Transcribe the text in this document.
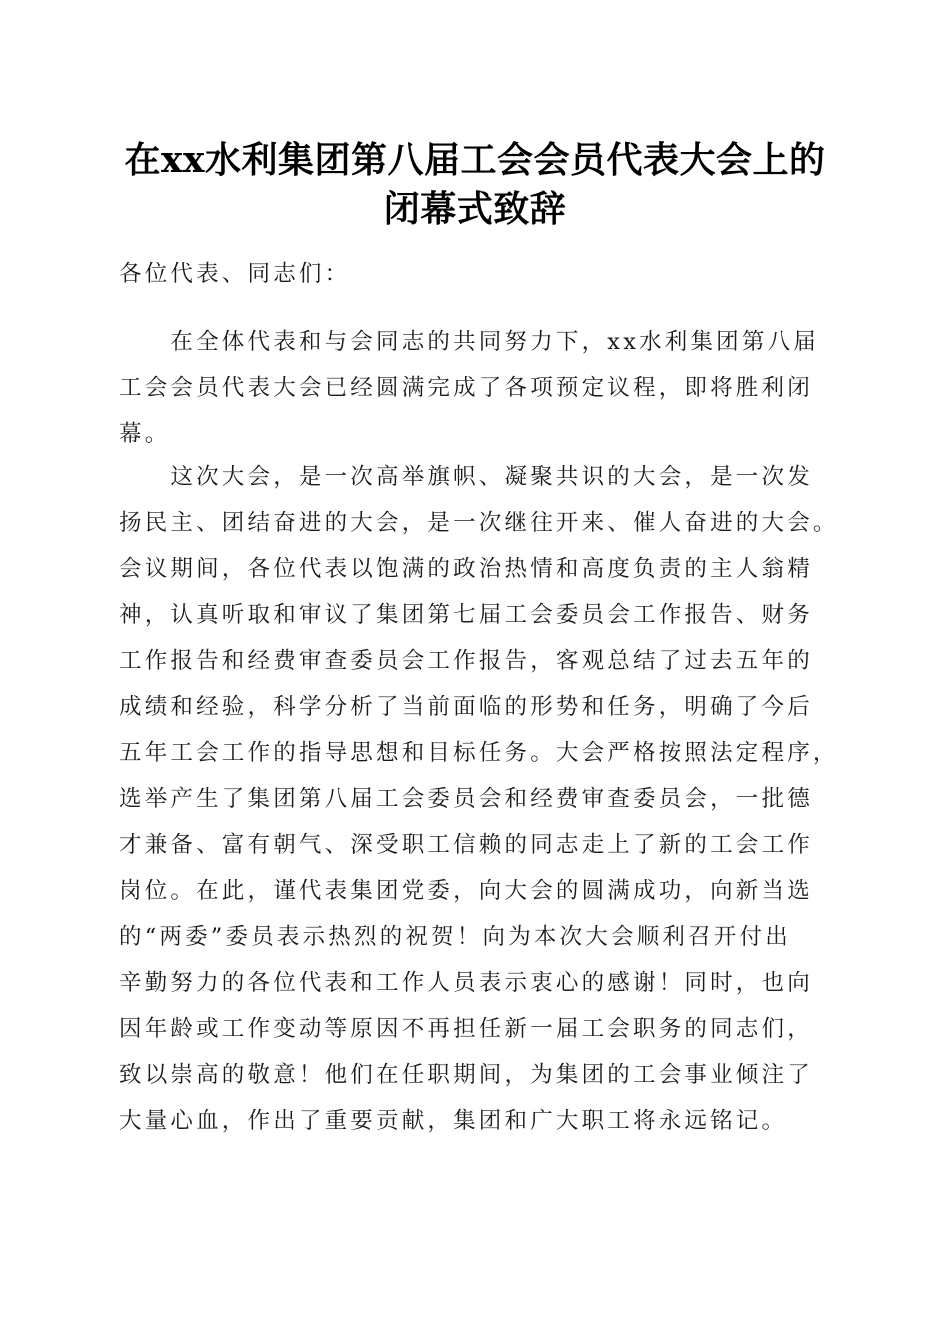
在xx水利集团第八届工会会员代表大会上的
闭幕式致辞
各位代表、同志们：
　　在全体代表和与会同志的共同努力下，xx水利集团第八届
工会会员代表大会已经圆满完成了各项预定议程，即将胜利闭
幕。
　　这次大会，是一次高举旗帜、凝聚共识的大会，是一次发
扬民主、团结奋进的大会，是一次继往开来、催人奋进的大会。
会议期间，各位代表以饱满的政治热情和高度负责的主人翁精
神，认真听取和审议了集团第七届工会委员会工作报告、财务
工作报告和经费审查委员会工作报告，客观总结了过去五年的
成绩和经验，科学分析了当前面临的形势和任务，明确了今后
五年工会工作的指导思想和目标任务。大会严格按照法定程序，
选举产生了集团第八届工会委员会和经费审查委员会，一批德
才兼备、富有朝气、深受职工信赖的同志走上了新的工会工作
岗位。在此，谨代表集团党委，向大会的圆满成功，向新当选
的“两委”委员表示热烈的祝贺！向为本次大会顺利召开付出
辛勤努力的各位代表和工作人员表示衷心的感谢！同时，也向
因年龄或工作变动等原因不再担任新一届工会职务的同志们，
致以崇高的敬意！他们在任职期间，为集团的工会事业倾注了
大量心血，作出了重要贡献，集团和广大职工将永远铭记。
